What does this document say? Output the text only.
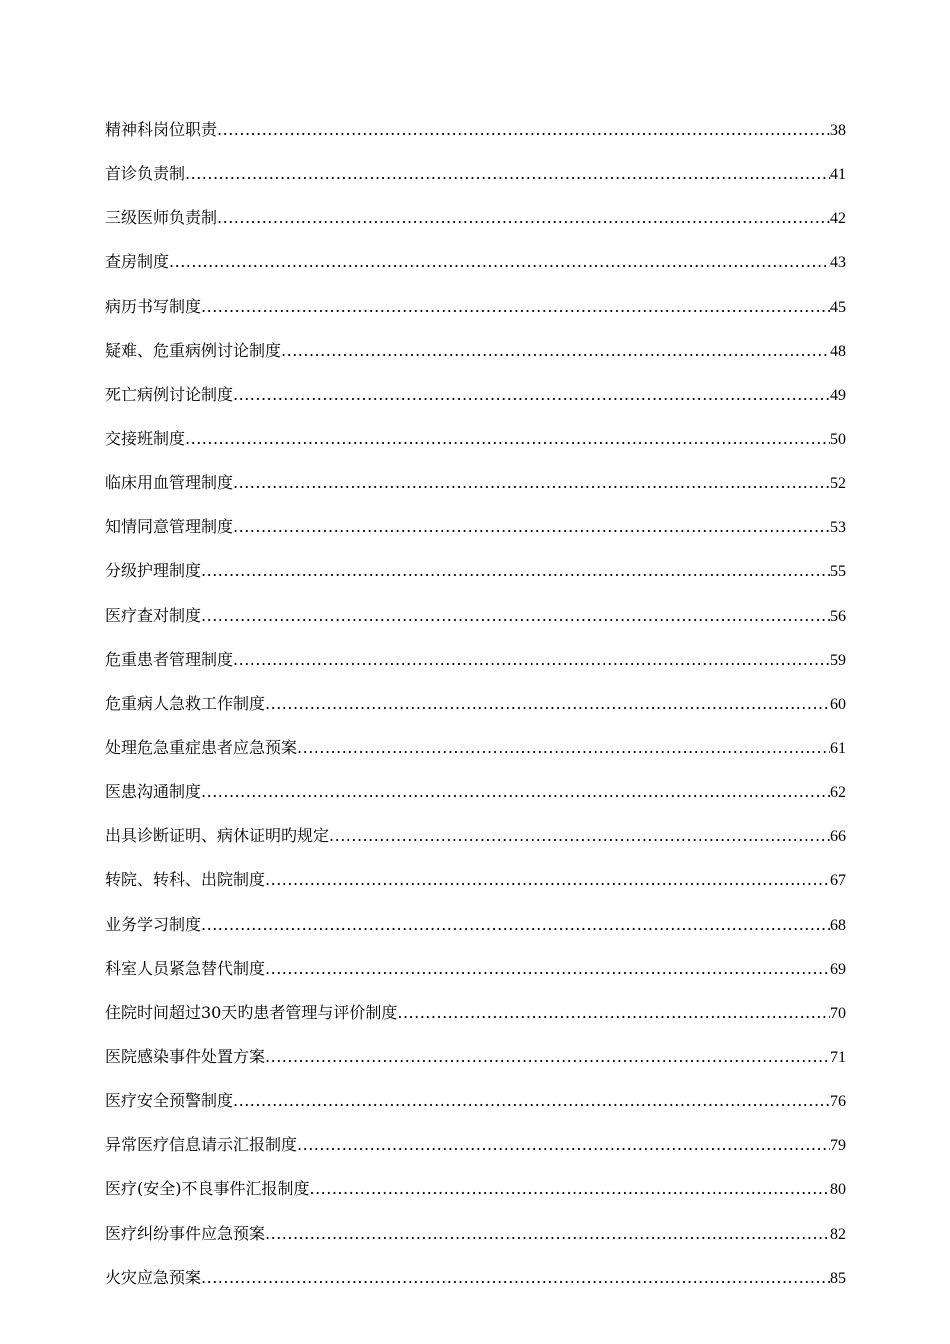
精神科岗位职责 .....	38
首诊负责制 .....	41
三级医师负责制 .....	42
查房制度 .....	43
病历书写制度 .....	45
疑难、危重病例讨论制度 .....	48
死亡病例讨论制度 .....	49
交接班制度 .....	50
临床用血管理制度 .....	52
知情同意管理制度 .....	53
分级护理制度 .....	55
医疗查对制度 .....	56
危重患者管理制度 .....	59
危重病人急救工作制度 .....	60
处理危急重症患者应急预案 .....	61
医患沟通制度 .....	62
出具诊断证明、病休证明旳规定 .....	66
转院、转科、出院制度 .....	67
业务学习制度 .....	68
科室人员紧急替代制度 .....	69
住院时间超过30天旳患者管理与评价制度 .....	70
医院感染事件处置方案 .....	71
医疗安全预警制度 .....	76
异常医疗信息请示汇报制度 .....	79
医疗(安全)不良事件汇报制度 .....	80
医疗纠纷事件应急预案 .....	82
火灾应急预案 .....	85
